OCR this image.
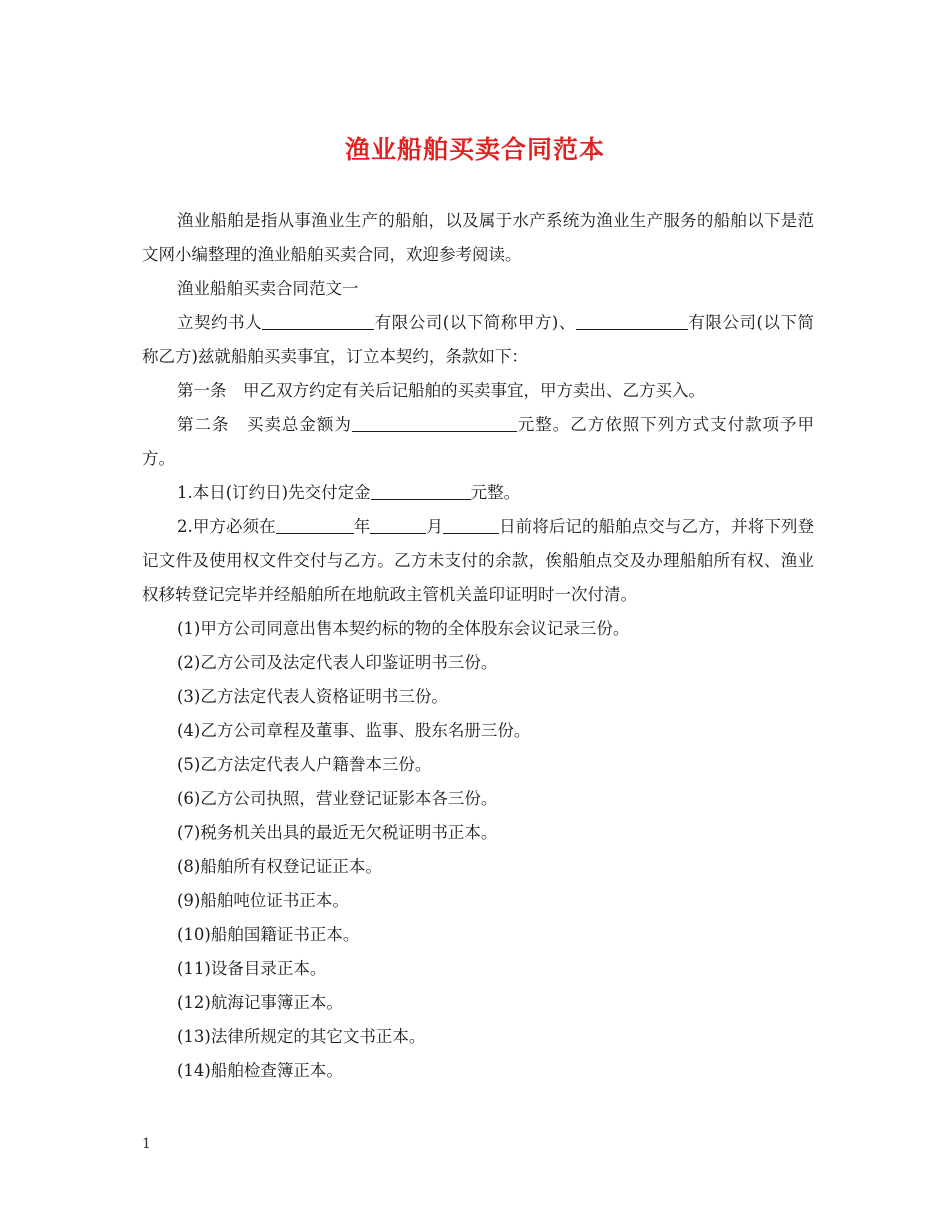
渔业船舶买卖合同范本

渔业船舶是指从事渔业生产的船舶，以及属于水产系统为渔业生产服务的船舶以下是范文网小编整理的渔业船舶买卖合同，欢迎参考阅读。

渔业船舶买卖合同范文一

立契约书人	有限公司(以下简称甲方)、	有限公司(以下简称乙方)兹就船舶买卖事宜，订立本契约，条款如下：

第一条　甲乙双方约定有关后记船舶的买卖事宜，甲方卖出、乙方买入。

第二条　买卖总金额为	元整。乙方依照下列方式支付款项予甲方。

1.本日(订约日)先交付定金	元整。

2.甲方必须在	年	月	日前将后记的船舶点交与乙方，并将下列登记文件及使用权文件交付与乙方。乙方未支付的余款，俟船舶点交及办理船舶所有权、渔业权移转登记完毕并经船舶所在地航政主管机关盖印证明时一次付清。

(1)甲方公司同意出售本契约标的物的全体股东会议记录三份。

(2)乙方公司及法定代表人印鉴证明书三份。

(3)乙方法定代表人资格证明书三份。

(4)乙方公司章程及董事、监事、股东名册三份。

(5)乙方法定代表人户籍誊本三份。

(6)乙方公司执照，营业登记证影本各三份。

(7)税务机关出具的最近无欠税证明书正本。

(8)船舶所有权登记证正本。

(9)船舶吨位证书正本。

(10)船舶国籍证书正本。

(11)设备目录正本。

(12)航海记事簿正本。

(13)法律所规定的其它文书正本。

(14)船舶检查簿正本。

1
